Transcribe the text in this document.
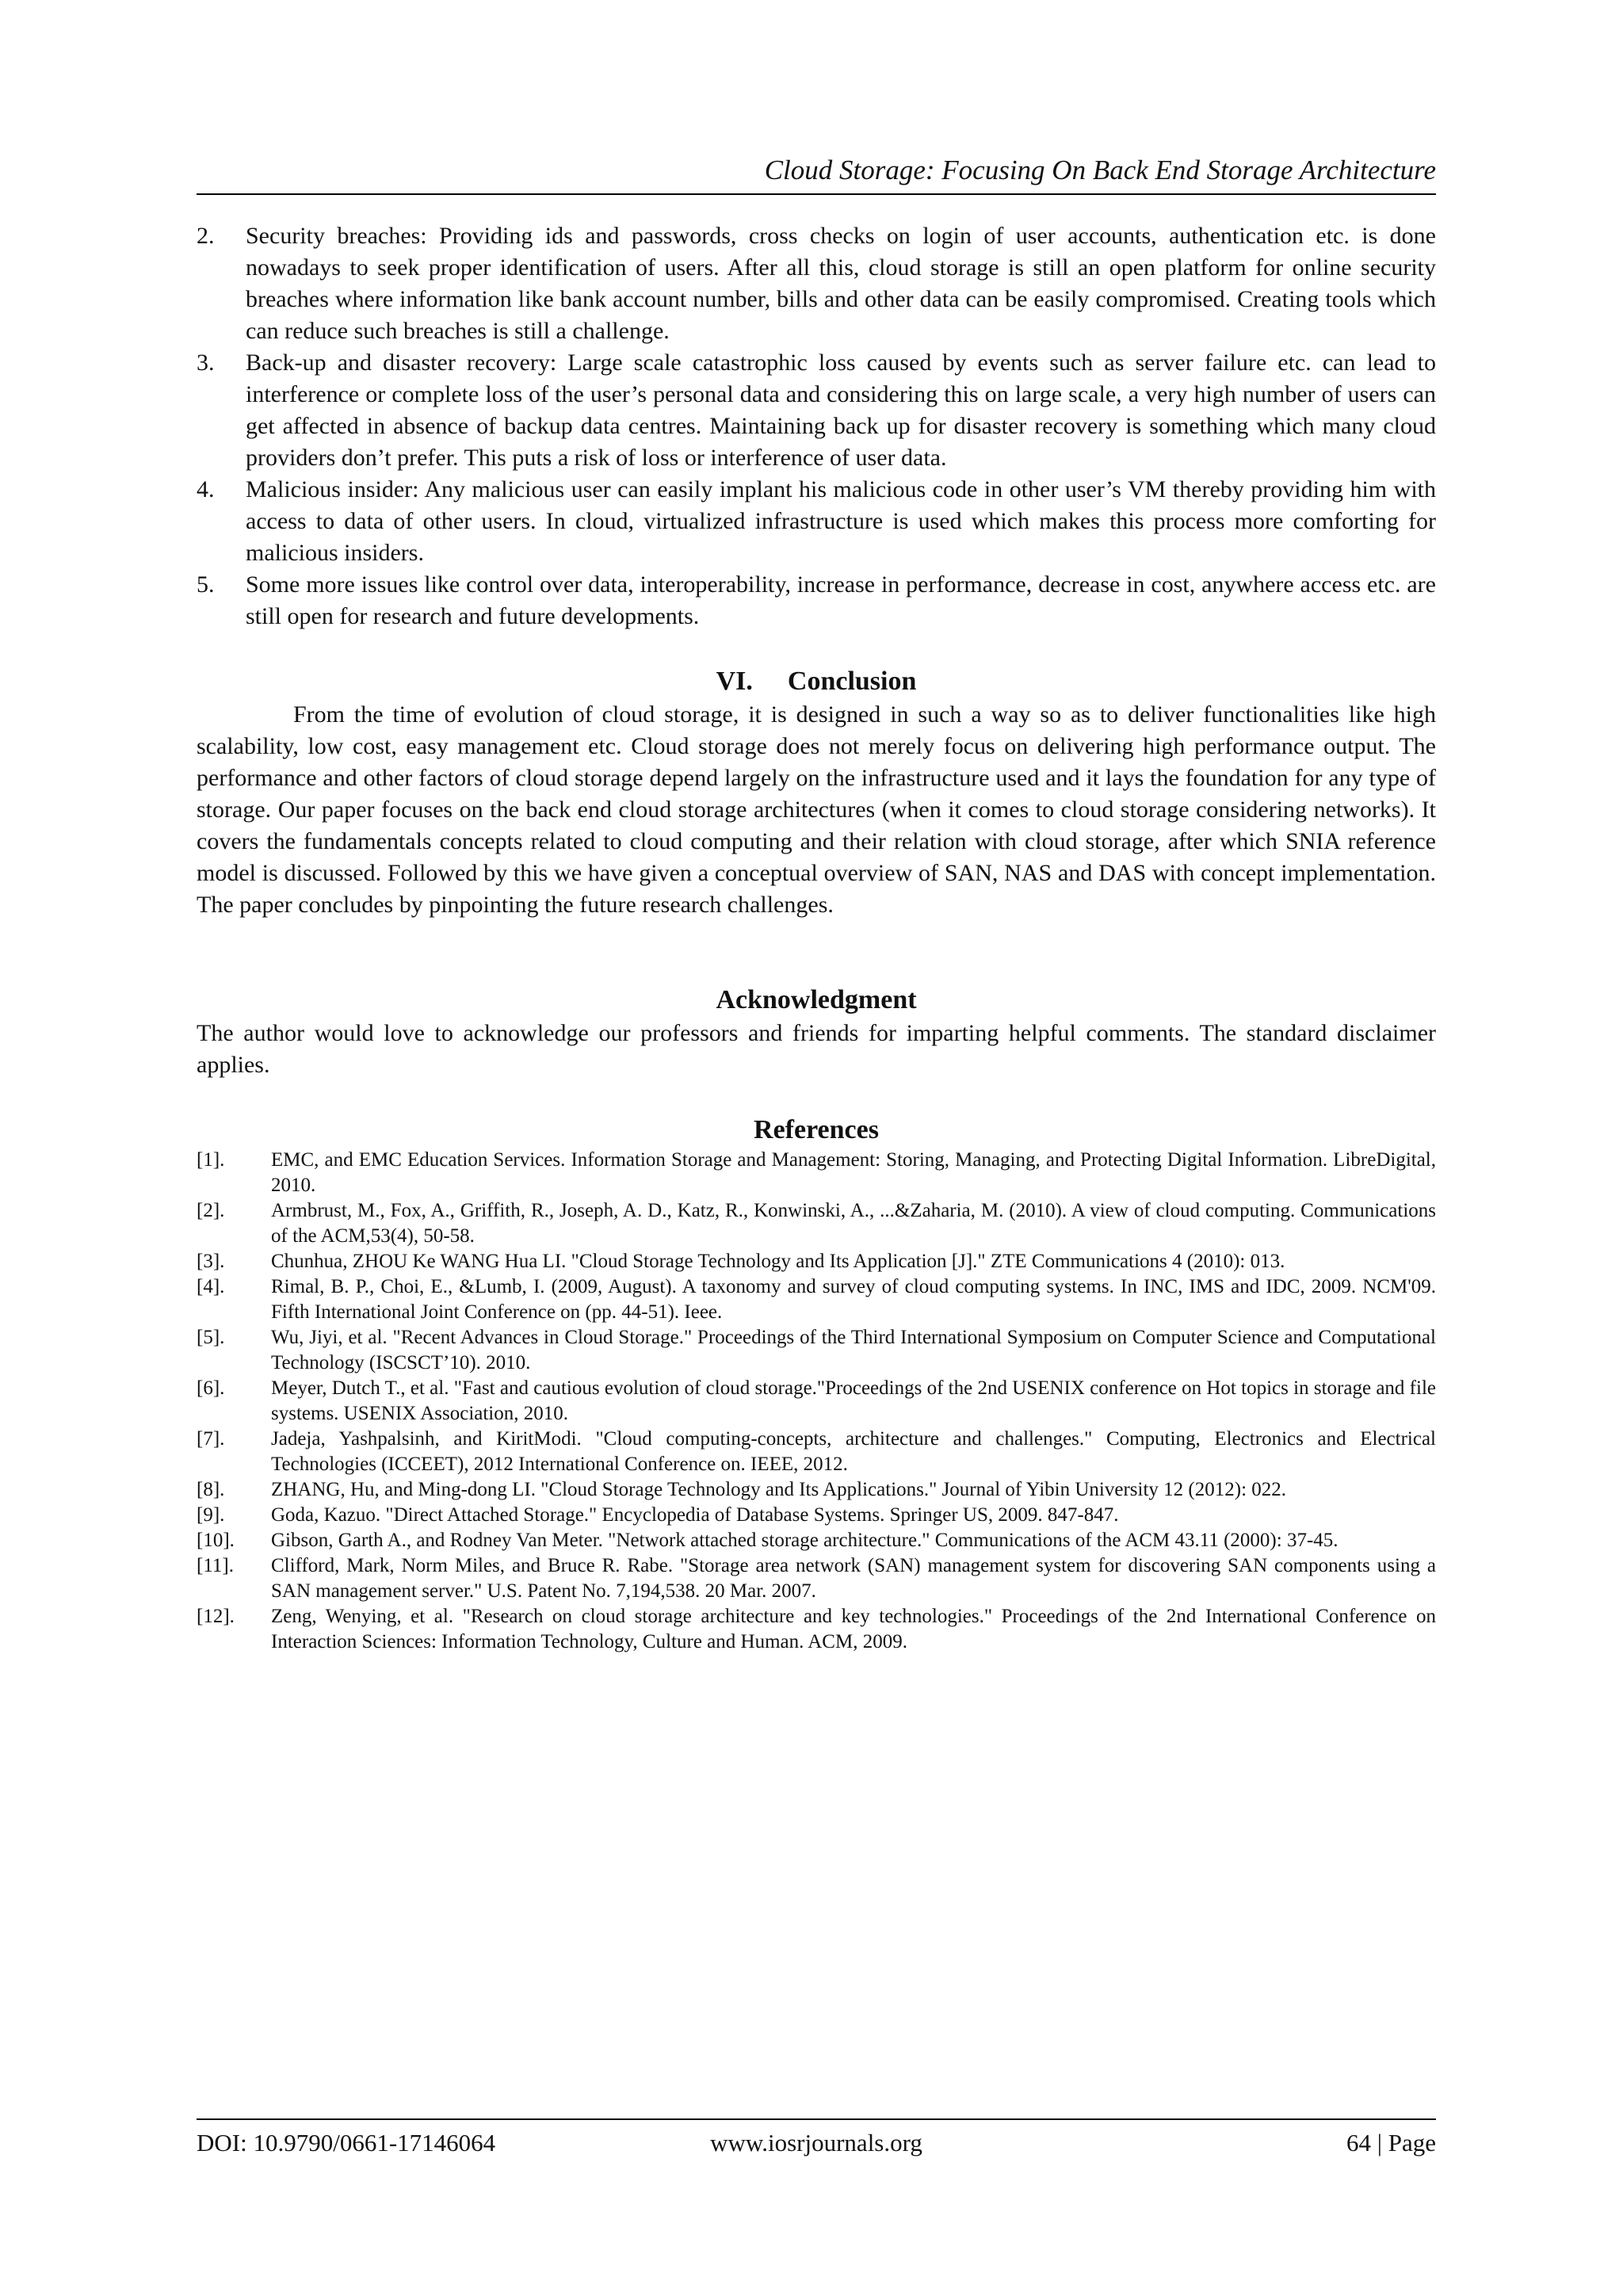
Cloud Storage: Focusing On Back End Storage Architecture
2.	Security breaches: Providing ids and passwords, cross checks on login of user accounts, authentication etc. is done nowadays to seek proper identification of users. After all this, cloud storage is still an open platform for online security breaches where information like bank account number, bills and other data can be easily compromised. Creating tools which can reduce such breaches is still a challenge.
3.	Back-up and disaster recovery: Large scale catastrophic loss caused by events such as server failure etc. can lead to interference or complete loss of the user’s personal data and considering this on large scale, a very high number of users can get affected in absence of backup data centres. Maintaining back up for disaster recovery is something which many cloud providers don’t prefer. This puts a risk of loss or interference of user data.
4.	Malicious insider: Any malicious user can easily implant his malicious code in other user’s VM thereby providing him with access to data of other users. In cloud, virtualized infrastructure is used which makes this process more comforting for malicious insiders.
5.	Some more issues like control over data, interoperability, increase in performance, decrease in cost, anywhere access etc. are still open for research and future developments.
VI. Conclusion
From the time of evolution of cloud storage, it is designed in such a way so as to deliver functionalities like high scalability, low cost, easy management etc. Cloud storage does not merely focus on delivering high performance output. The performance and other factors of cloud storage depend largely on the infrastructure used and it lays the foundation for any type of storage. Our paper focuses on the back end cloud storage architectures (when it comes to cloud storage considering networks). It covers the fundamentals concepts related to cloud computing and their relation with cloud storage, after which SNIA reference model is discussed. Followed by this we have given a conceptual overview of SAN, NAS and DAS with concept implementation. The paper concludes by pinpointing the future research challenges.
Acknowledgment
The author would love to acknowledge our professors and friends for imparting helpful comments. The standard disclaimer applies.
References
[1].	EMC, and EMC Education Services. Information Storage and Management: Storing, Managing, and Protecting Digital Information. LibreDigital, 2010.
[2].	Armbrust, M., Fox, A., Griffith, R., Joseph, A. D., Katz, R., Konwinski, A., ...&Zaharia, M. (2010). A view of cloud computing. Communications of the ACM,53(4), 50-58.
[3].	Chunhua, ZHOU Ke WANG Hua LI. "Cloud Storage Technology and Its Application [J]." ZTE Communications 4 (2010): 013.
[4].	Rimal, B. P., Choi, E., &Lumb, I. (2009, August). A taxonomy and survey of cloud computing systems. In INC, IMS and IDC, 2009. NCM'09. Fifth International Joint Conference on (pp. 44-51). Ieee.
[5].	Wu, Jiyi, et al. "Recent Advances in Cloud Storage." Proceedings of the Third International Symposium on Computer Science and Computational Technology (ISCSCT’10). 2010.
[6].	Meyer, Dutch T., et al. "Fast and cautious evolution of cloud storage."Proceedings of the 2nd USENIX conference on Hot topics in storage and file systems. USENIX Association, 2010.
[7].	Jadeja, Yashpalsinh, and KiritModi. "Cloud computing-concepts, architecture and challenges." Computing, Electronics and Electrical Technologies (ICCEET), 2012 International Conference on. IEEE, 2012.
[8].	ZHANG, Hu, and Ming-dong LI. "Cloud Storage Technology and Its Applications." Journal of Yibin University 12 (2012): 022.
[9].	Goda, Kazuo. "Direct Attached Storage." Encyclopedia of Database Systems. Springer US, 2009. 847-847.
[10].	Gibson, Garth A., and Rodney Van Meter. "Network attached storage architecture." Communications of the ACM 43.11 (2000): 37-45.
[11].	Clifford, Mark, Norm Miles, and Bruce R. Rabe. "Storage area network (SAN) management system for discovering SAN components using a SAN management server." U.S. Patent No. 7,194,538. 20 Mar. 2007.
[12].	Zeng, Wenying, et al. "Research on cloud storage architecture and key technologies." Proceedings of the 2nd International Conference on Interaction Sciences: Information Technology, Culture and Human. ACM, 2009.
DOI: 10.9790/0661-17146064	www.iosrjournals.org	64 | Page
